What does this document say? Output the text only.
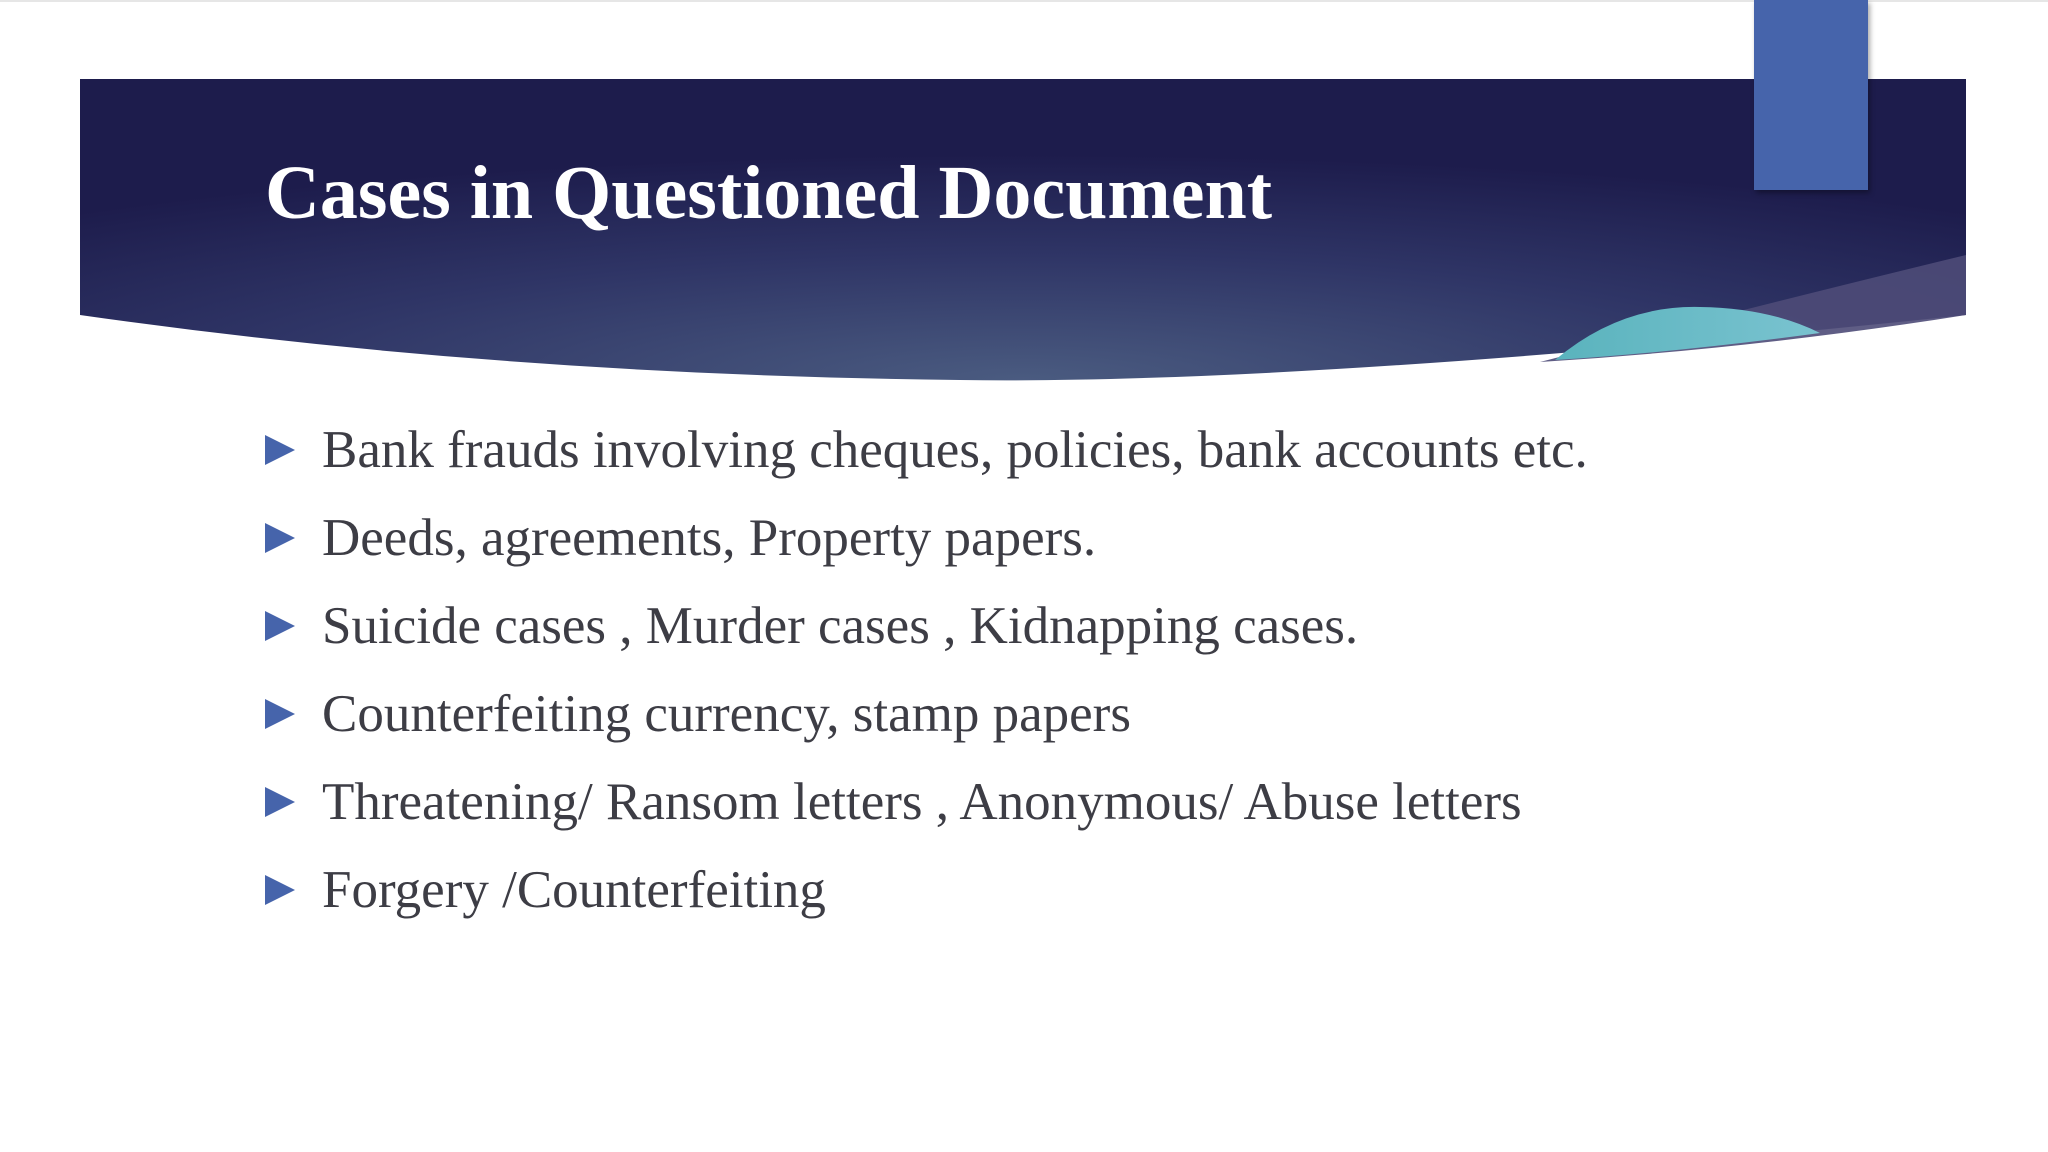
Cases in Questioned Document
Bank frauds involving cheques, policies, bank accounts etc.
Deeds, agreements, Property papers.
Suicide cases , Murder cases , Kidnapping cases.
Counterfeiting currency, stamp papers
Threatening/ Ransom letters , Anonymous/ Abuse letters
Forgery /Counterfeiting
